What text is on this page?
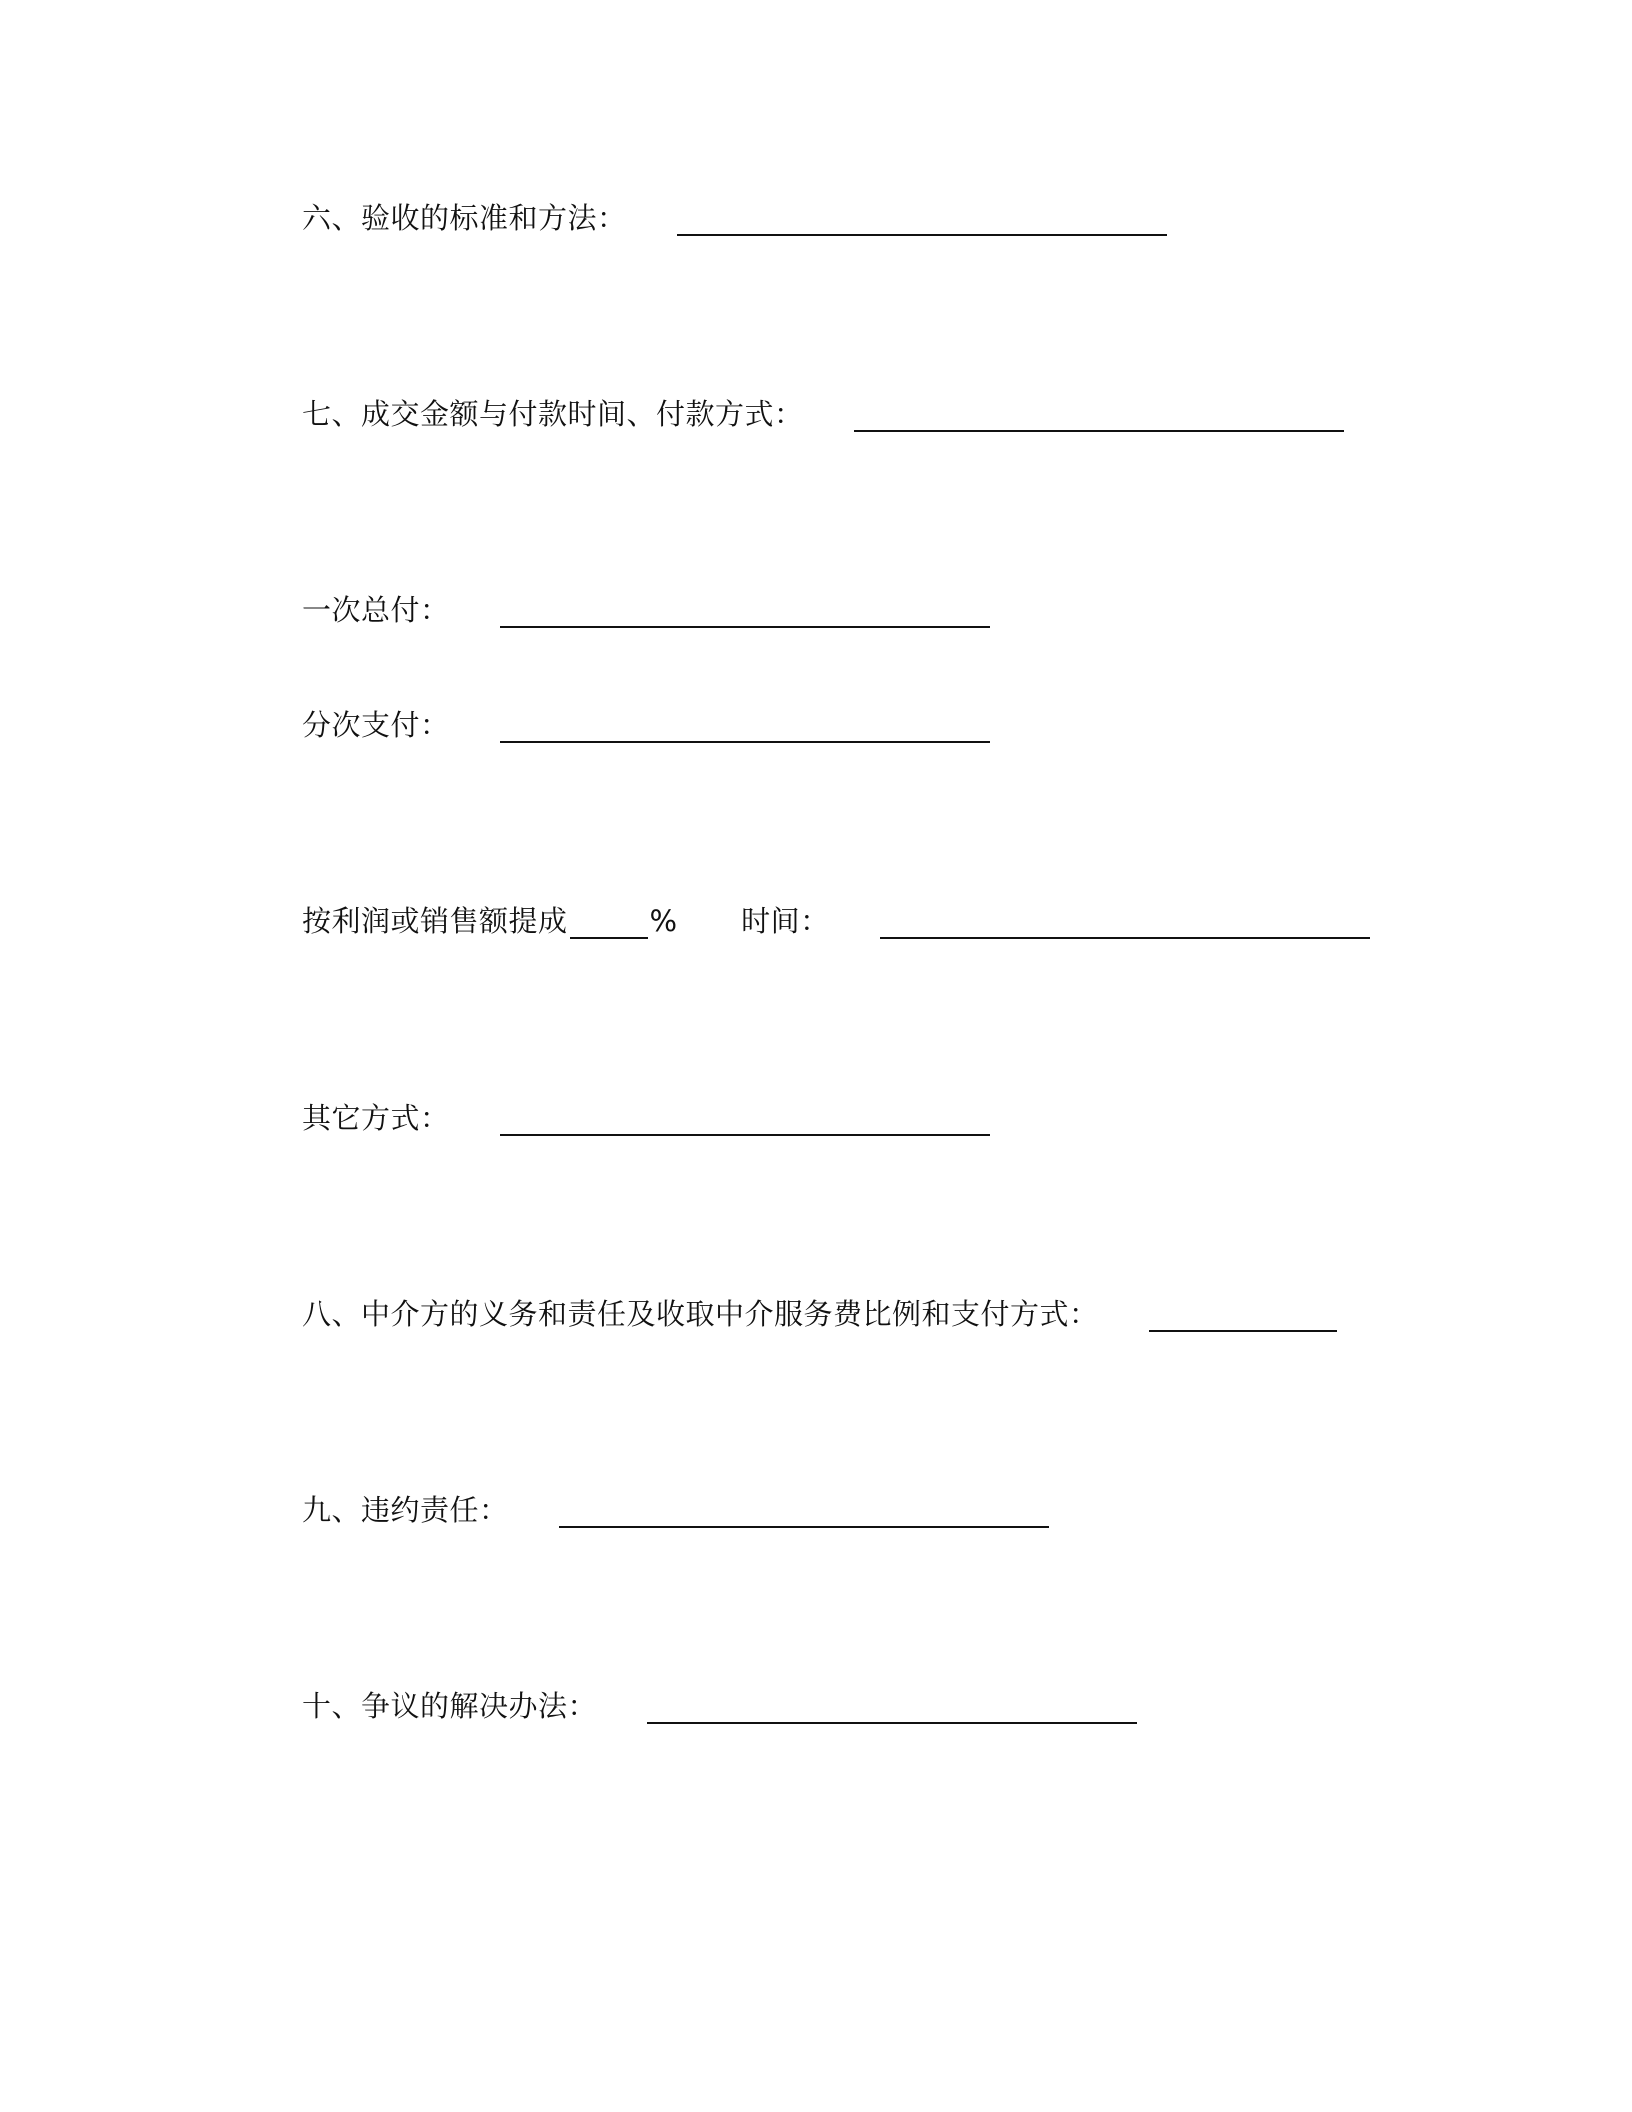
六、验收的标准和方法：
七、成交金额与付款时间、付款方式：
一次总付：
分次支付：
按利润或销售额提成	% 时间：
其它方式：
八、中介方的义务和责任及收取中介服务费比例和支付方式：
九、违约责任：
十、争议的解决办法：
